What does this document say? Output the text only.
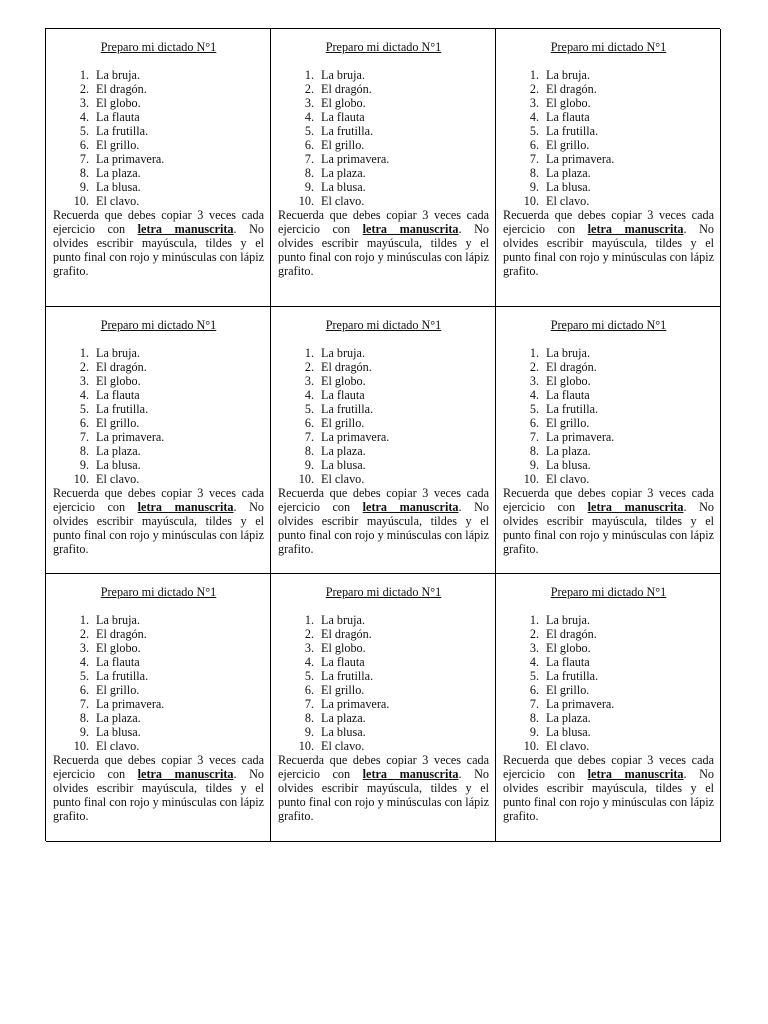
Preparo mi dictado N°1
1. La bruja.
2. El dragón.
3. El globo.
4. La flauta
5. La frutilla.
6. El grillo.
7. La primavera.
8. La plaza.
9. La blusa.
10. El clavo.

Recuerda que debes copiar 3 veces cada ejercicio con letra manuscrita. No olvides escribir mayúscula, tildes y el punto final con rojo y minúsculas con lápiz grafito.

Preparo mi dictado N°1
1. La bruja.
2. El dragón.
3. El globo.
4. La flauta
5. La frutilla.
6. El grillo.
7. La primavera.
8. La plaza.
9. La blusa.
10. El clavo.

Recuerda que debes copiar 3 veces cada ejercicio con letra manuscrita. No olvides escribir mayúscula, tildes y el punto final con rojo y minúsculas con lápiz grafito.

Preparo mi dictado N°1
1. La bruja.
2. El dragón.
3. El globo.
4. La flauta
5. La frutilla.
6. El grillo.
7. La primavera.
8. La plaza.
9. La blusa.
10. El clavo.

Recuerda que debes copiar 3 veces cada ejercicio con letra manuscrita. No olvides escribir mayúscula, tildes y el punto final con rojo y minúsculas con lápiz grafito.

Preparo mi dictado N°1
1. La bruja.
2. El dragón.
3. El globo.
4. La flauta
5. La frutilla.
6. El grillo.
7. La primavera.
8. La plaza.
9. La blusa.
10. El clavo.

Recuerda que debes copiar 3 veces cada ejercicio con letra manuscrita. No olvides escribir mayúscula, tildes y el punto final con rojo y minúsculas con lápiz grafito.

Preparo mi dictado N°1
1. La bruja.
2. El dragón.
3. El globo.
4. La flauta
5. La frutilla.
6. El grillo.
7. La primavera.
8. La plaza.
9. La blusa.
10. El clavo.

Recuerda que debes copiar 3 veces cada ejercicio con letra manuscrita. No olvides escribir mayúscula, tildes y el punto final con rojo y minúsculas con lápiz grafito.

Preparo mi dictado N°1
1. La bruja.
2. El dragón.
3. El globo.
4. La flauta
5. La frutilla.
6. El grillo.
7. La primavera.
8. La plaza.
9. La blusa.
10. El clavo.

Recuerda que debes copiar 3 veces cada ejercicio con letra manuscrita. No olvides escribir mayúscula, tildes y el punto final con rojo y minúsculas con lápiz grafito.

Preparo mi dictado N°1
1. La bruja.
2. El dragón.
3. El globo.
4. La flauta
5. La frutilla.
6. El grillo.
7. La primavera.
8. La plaza.
9. La blusa.
10. El clavo.

Recuerda que debes copiar 3 veces cada ejercicio con letra manuscrita. No olvides escribir mayúscula, tildes y el punto final con rojo y minúsculas con lápiz grafito.

Preparo mi dictado N°1
1. La bruja.
2. El dragón.
3. El globo.
4. La flauta
5. La frutilla.
6. El grillo.
7. La primavera.
8. La plaza.
9. La blusa.
10. El clavo.

Recuerda que debes copiar 3 veces cada ejercicio con letra manuscrita. No olvides escribir mayúscula, tildes y el punto final con rojo y minúsculas con lápiz grafito.

Preparo mi dictado N°1
1. La bruja.
2. El dragón.
3. El globo.
4. La flauta
5. La frutilla.
6. El grillo.
7. La primavera.
8. La plaza.
9. La blusa.
10. El clavo.

Recuerda que debes copiar 3 veces cada ejercicio con letra manuscrita. No olvides escribir mayúscula, tildes y el punto final con rojo y minúsculas con lápiz grafito.
